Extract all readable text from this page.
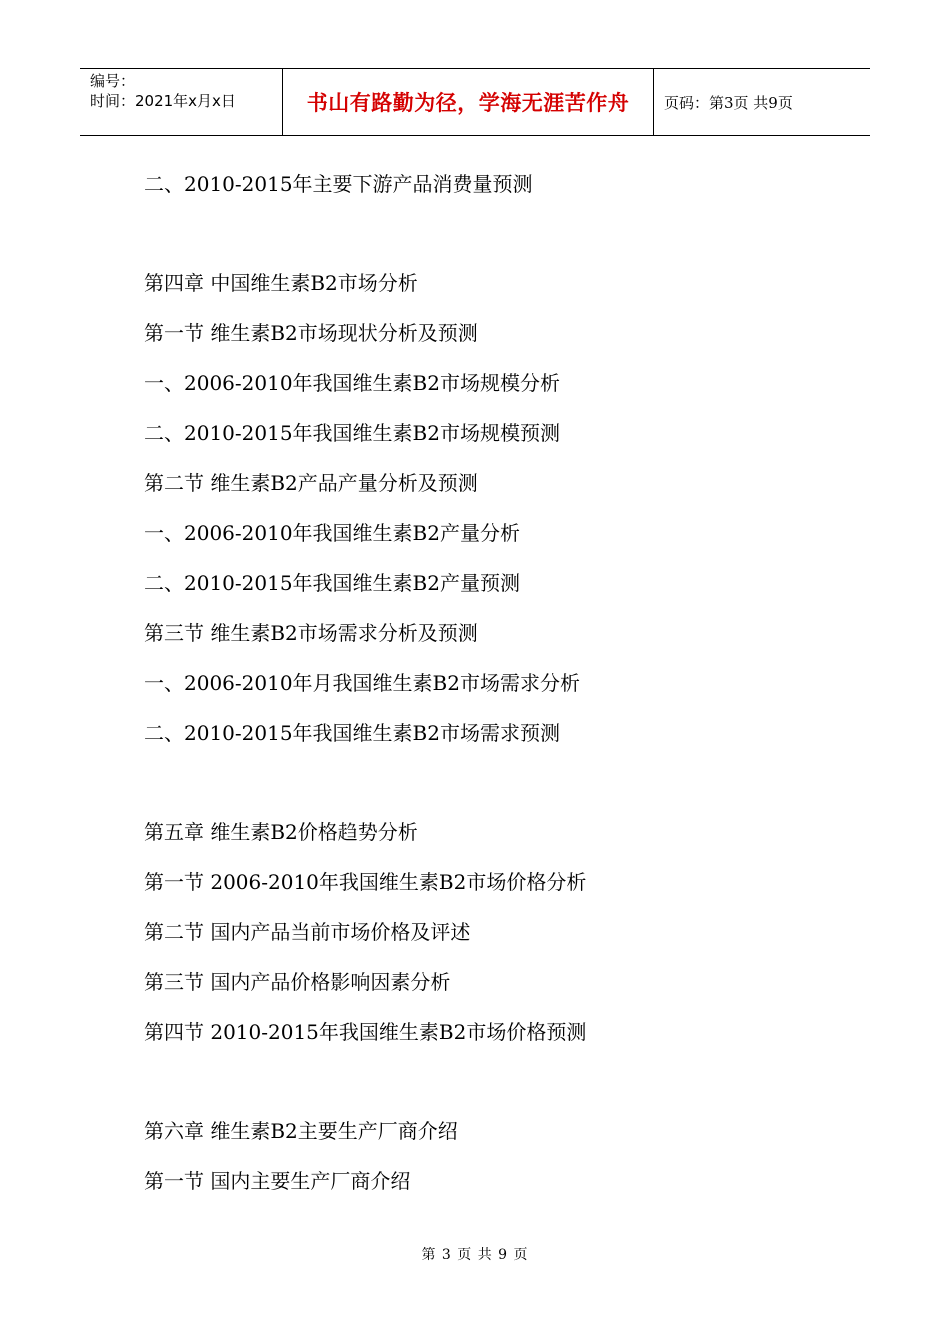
编号：
时间：2021年x月x日	书山有路勤为径，学海无涯苦作舟	页码：第3页 共9页
二、2010-2015年主要下游产品消费量预测
第四章 中国维生素B2市场分析
第一节 维生素B2市场现状分析及预测
一、2006-2010年我国维生素B2市场规模分析
二、2010-2015年我国维生素B2市场规模预测
第二节 维生素B2产品产量分析及预测
一、2006-2010年我国维生素B2产量分析
二、2010-2015年我国维生素B2产量预测
第三节 维生素B2市场需求分析及预测
一、2006-2010年月我国维生素B2市场需求分析
二、2010-2015年我国维生素B2市场需求预测
第五章 维生素B2价格趋势分析
第一节 2006-2010年我国维生素B2市场价格分析
第二节 国内产品当前市场价格及评述
第三节 国内产品价格影响因素分析
第四节 2010-2015年我国维生素B2市场价格预测
第六章 维生素B2主要生产厂商介绍
第一节 国内主要生产厂商介绍
第 3 页 共 9 页
